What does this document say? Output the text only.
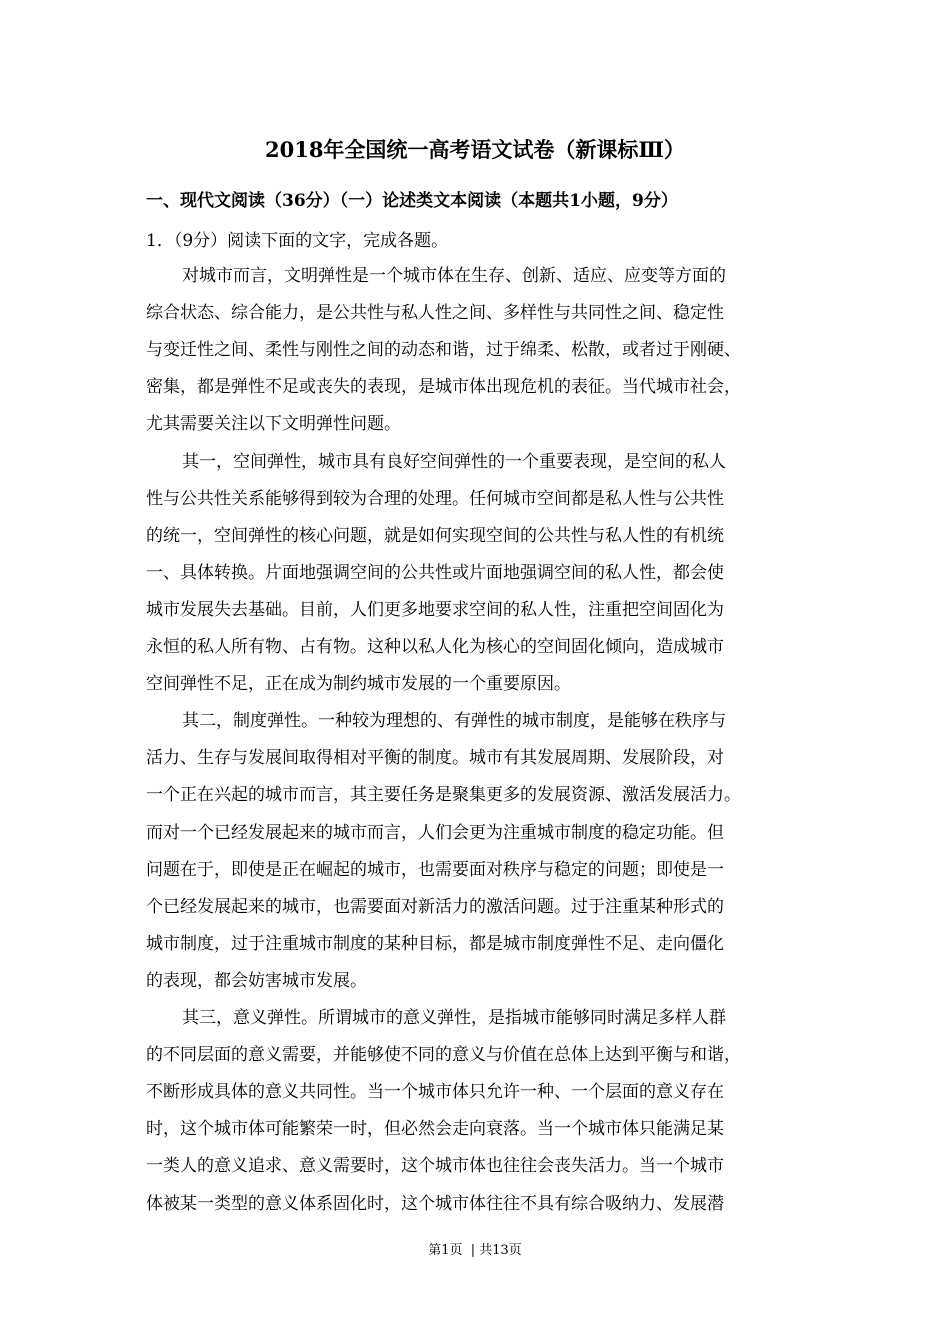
2018年全国统一高考语文试卷（新课标Ⅲ）
一、现代文阅读（36分）（一）论述类文本阅读（本题共1小题，9分）
1．（9分）阅读下面的文字，完成各题。
对城市而言，文明弹性是一个城市体在生存、创新、适应、应变等方面的
综合状态、综合能力，是公共性与私人性之间、多样性与共同性之间、稳定性
与变迁性之间、柔性与刚性之间的动态和谐，过于绵柔、松散，或者过于刚硬、
密集，都是弹性不足或丧失的表现，是城市体出现危机的表征。当代城市社会，
尤其需要关注以下文明弹性问题。
其一，空间弹性，城市具有良好空间弹性的一个重要表现，是空间的私人
性与公共性关系能够得到较为合理的处理。任何城市空间都是私人性与公共性
的统一，空间弹性的核心问题，就是如何实现空间的公共性与私人性的有机统
一、具体转换。片面地强调空间的公共性或片面地强调空间的私人性，都会使
城市发展失去基础。目前，人们更多地要求空间的私人性，注重把空间固化为
永恒的私人所有物、占有物。这种以私人化为核心的空间固化倾向，造成城市
空间弹性不足，正在成为制约城市发展的一个重要原因。
其二，制度弹性。一种较为理想的、有弹性的城市制度，是能够在秩序与
活力、生存与发展间取得相对平衡的制度。城市有其发展周期、发展阶段，对
一个正在兴起的城市而言，其主要任务是聚集更多的发展资源、激活发展活力。
而对一个已经发展起来的城市而言，人们会更为注重城市制度的稳定功能。但
问题在于，即使是正在崛起的城市，也需要面对秩序与稳定的问题；即使是一
个已经发展起来的城市，也需要面对新活力的激活问题。过于注重某种形式的
城市制度，过于注重城市制度的某种目标，都是城市制度弹性不足、走向僵化
的表现，都会妨害城市发展。
其三，意义弹性。所谓城市的意义弹性，是指城市能够同时满足多样人群
的不同层面的意义需要，并能够使不同的意义与价值在总体上达到平衡与和谐，
不断形成具体的意义共同性。当一个城市体只允许一种、一个层面的意义存在
时，这个城市体可能繁荣一时，但必然会走向衰落。当一个城市体只能满足某
一类人的意义追求、意义需要时，这个城市体也往往会丧失活力。当一个城市
体被某一类型的意义体系固化时，这个城市体往往不具有综合吸纳力、发展潜
第1页  | 共13页
